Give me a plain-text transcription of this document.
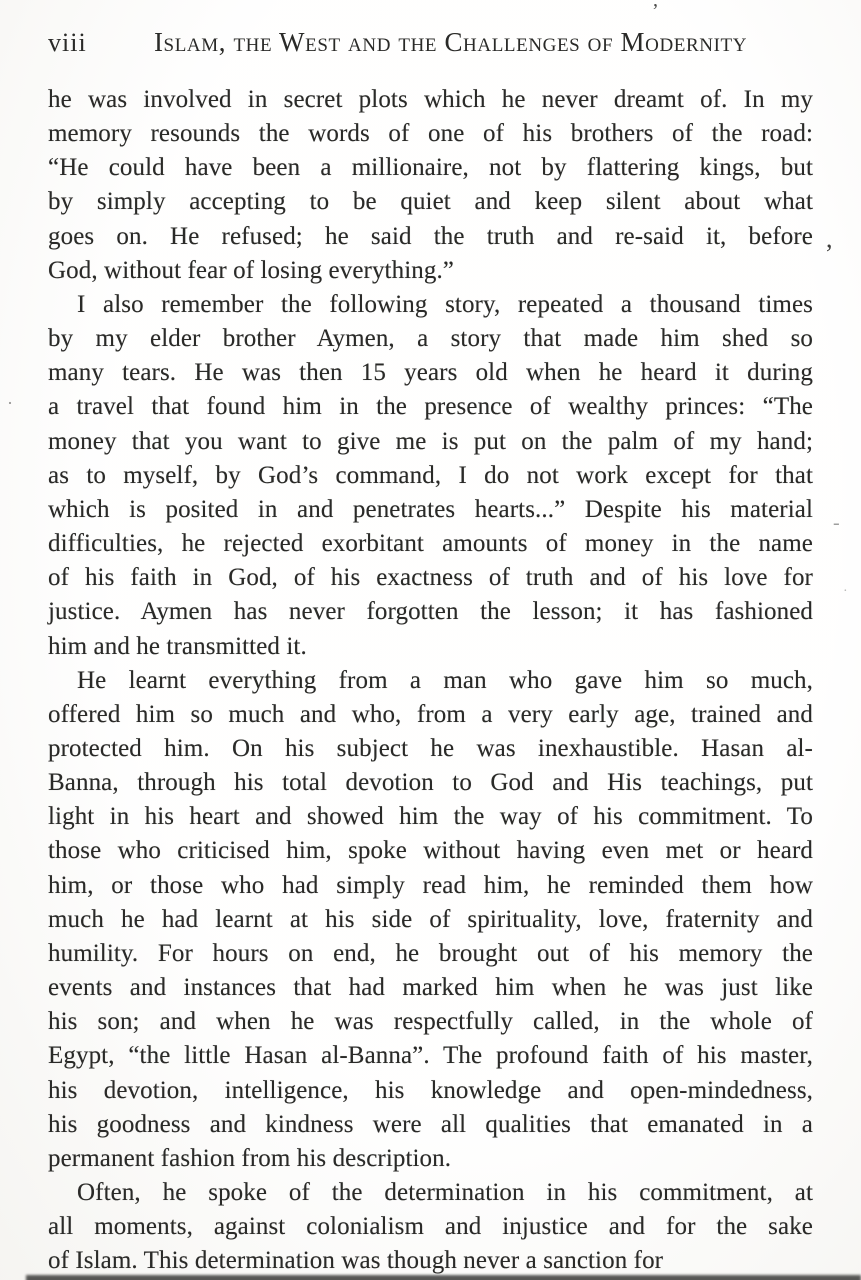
viii	Islam, the West and the Challenges of Modernity
he was involved in secret plots which he never dreamt of. In my
memory resounds the words of one of his brothers of the road:
“He could have been a millionaire, not by flattering kings, but
by simply accepting to be quiet and keep silent about what
goes on. He refused; he said the truth and re-said it, before
God, without fear of losing everything.”
I also remember the following story, repeated a thousand times
by my elder brother Aymen, a story that made him shed so
many tears. He was then 15 years old when he heard it during
a travel that found him in the presence of wealthy princes: “The
money that you want to give me is put on the palm of my hand;
as to myself, by God’s command, I do not work except for that
which is posited in and penetrates hearts...” Despite his material
difficulties, he rejected exorbitant amounts of money in the name
of his faith in God, of his exactness of truth and of his love for
justice. Aymen has never forgotten the lesson; it has fashioned
him and he transmitted it.
He learnt everything from a man who gave him so much,
offered him so much and who, from a very early age, trained and
protected him. On his subject he was inexhaustible. Hasan al-
Banna, through his total devotion to God and His teachings, put
light in his heart and showed him the way of his commitment. To
those who criticised him, spoke without having even met or heard
him, or those who had simply read him, he reminded them how
much he had learnt at his side of spirituality, love, fraternity and
humility. For hours on end, he brought out of his memory the
events and instances that had marked him when he was just like
his son; and when he was respectfully called, in the whole of
Egypt, “the little Hasan al-Banna”. The profound faith of his master,
his devotion, intelligence, his knowledge and open-mindedness,
his goodness and kindness were all qualities that emanated in a
permanent fashion from his description.
Often, he spoke of the determination in his commitment, at
all moments, against colonialism and injustice and for the sake
of Islam. This determination was though never a sanction for
’
,
·
-
·
